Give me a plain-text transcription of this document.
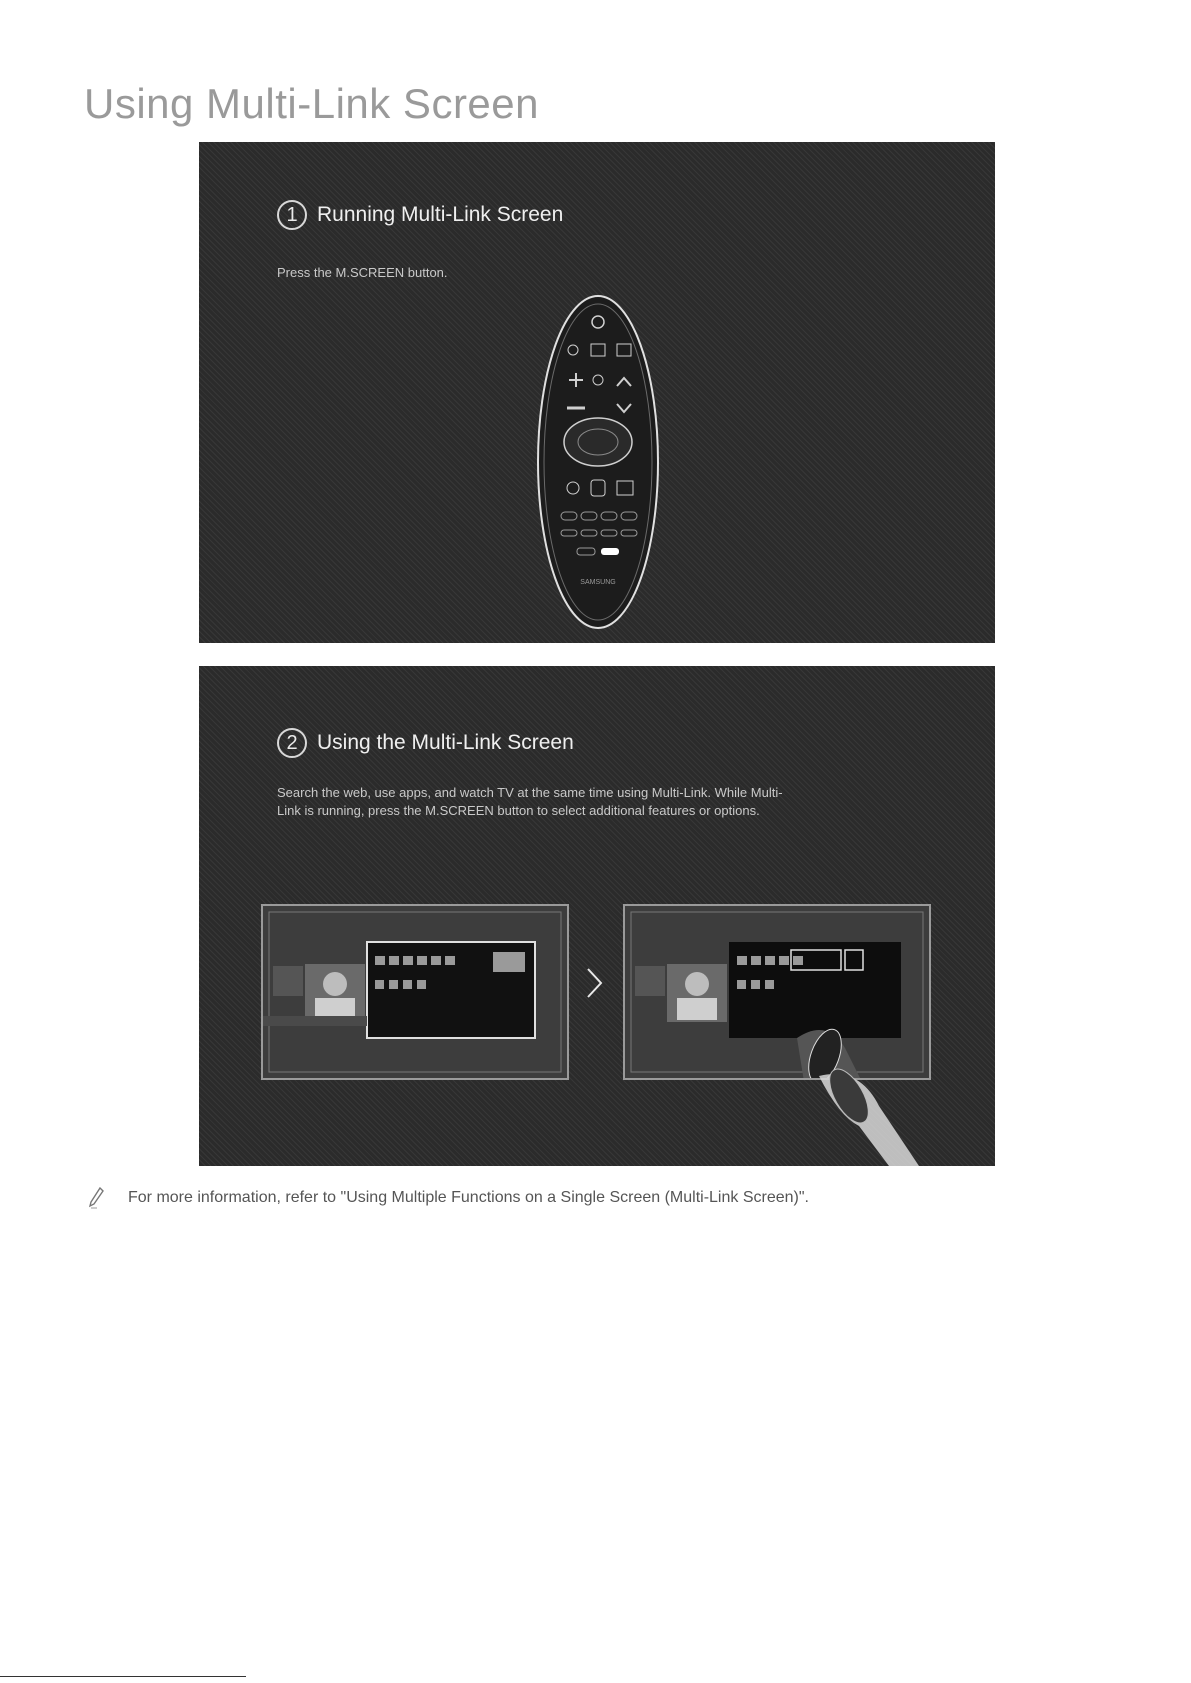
Using Multi-Link Screen
1 Running Multi-Link Screen

Press the M.SCREEN button.

SAMSUNG
2 Using the Multi-Link Screen

Search the web, use apps, and watch TV at the same time using Multi-Link. While Multi-
Link is running, press the M.SCREEN button to select additional features or options.

For more information, refer to "Using Multiple Functions on a Single Screen (Multi-Link Screen)".
